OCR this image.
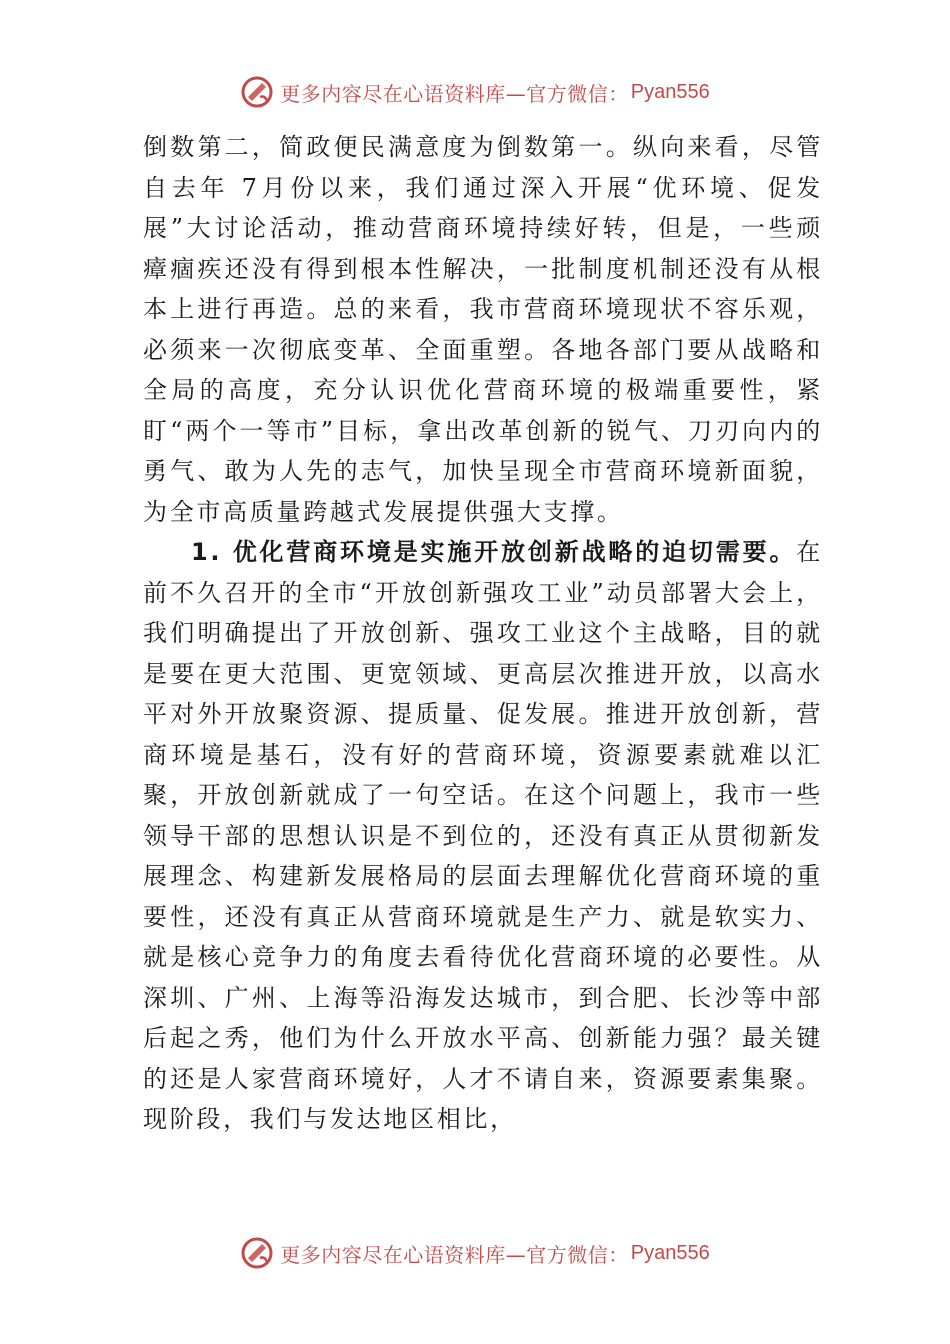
更多内容尽在心语资料库—官方微信： Pyan556

倒数第二，简政便民满意度为倒数第一。纵向来看，尽管自去年 7月份以来，我们通过深入开展“优环境、促发展”大讨论活动，推动营商环境持续好转，但是，一些顽瘴痼疾还没有得到根本性解决，一批制度机制还没有从根本上进行再造。总的来看，我市营商环境现状不容乐观，必须来一次彻底变革、全面重塑。各地各部门要从战略和全局的高度，充分认识优化营商环境的极端重要性，紧盯“两个一等市”目标，拿出改革创新的锐气、刀刃向内的勇气、敢为人先的志气，加快呈现全市营商环境新面貌，为全市高质量跨越式发展提供强大支撑。

1. 优化营商环境是实施开放创新战略的迫切需要。在前不久召开的全市“开放创新强攻工业”动员部署大会上，我们明确提出了开放创新、强攻工业这个主战略，目的就是要在更大范围、更宽领域、更高层次推进开放，以高水平对外开放聚资源、提质量、促发展。推进开放创新，营商环境是基石，没有好的营商环境，资源要素就难以汇聚，开放创新就成了一句空话。在这个问题上，我市一些领导干部的思想认识是不到位的，还没有真正从贯彻新发展理念、构建新发展格局的层面去理解优化营商环境的重要性，还没有真正从营商环境就是生产力、就是软实力、就是核心竞争力的角度去看待优化营商环境的必要性。从深圳、广州、上海等沿海发达城市，到合肥、长沙等中部后起之秀，他们为什么开放水平高、创新能力强？最关键的还是人家营商环境好，人才不请自来，资源要素集聚。现阶段，我们与发达地区相比，

更多内容尽在心语资料库—官方微信： Pyan556
